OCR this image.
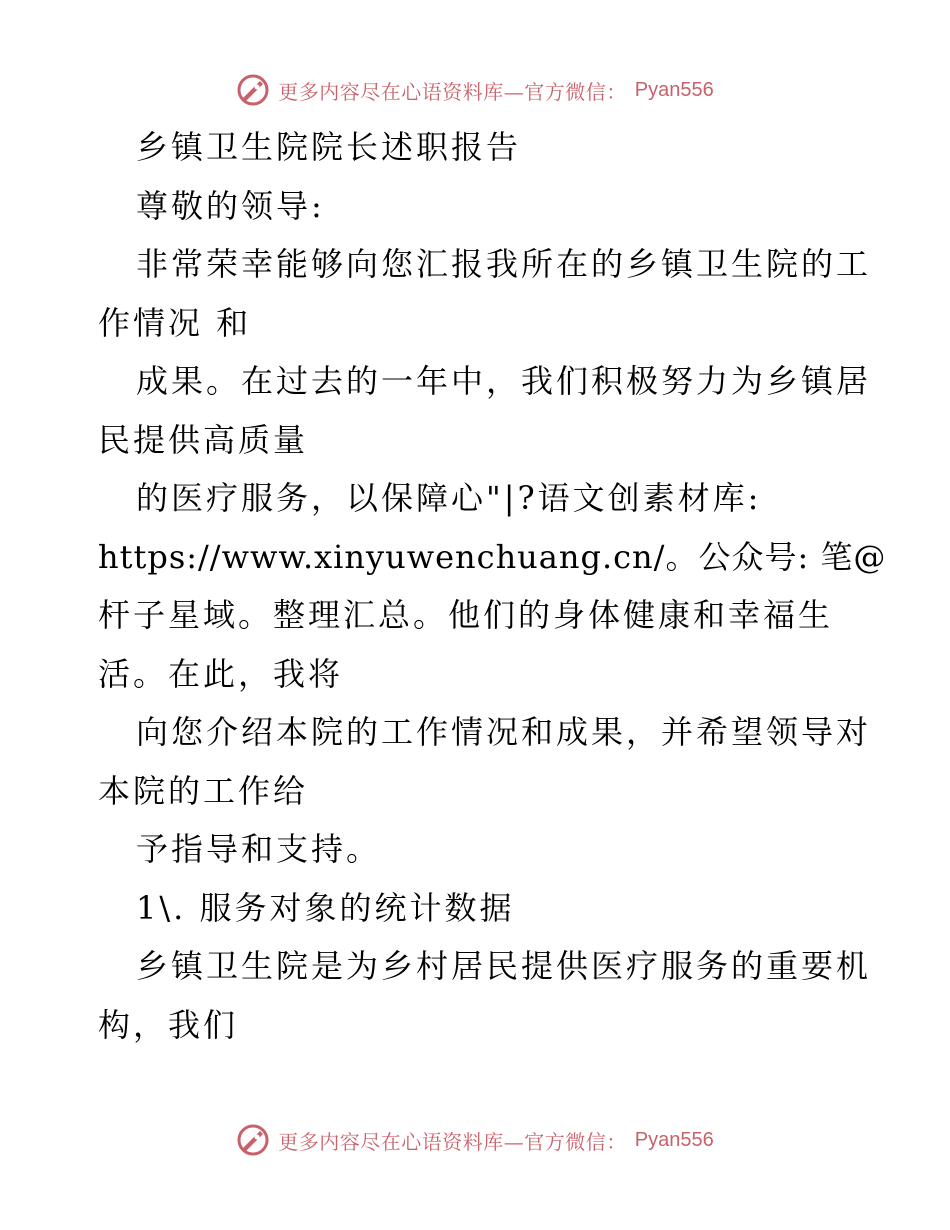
更多内容尽在心语资料库—官方微信： Pyan556
乡镇卫生院院长述职报告
尊敬的领导:
非常荣幸能够向您汇报我所在的乡镇卫生院的工
作情况 和
成果。在过去的一年中，我们积极努力为乡镇居
民提供高质量
的医疗服务，以保障心"|?语文创素材库:
https://www.xinyuwenchuang.cn/。公众号: 笔@
杆子星域。整理汇总。他们的身体健康和幸福生
活。在此，我将
向您介绍本院的工作情况和成果，并希望领导对
本院的工作给
予指导和支持。
1\. 服务对象的统计数据
乡镇卫生院是为乡村居民提供医疗服务的重要机
构，我们
更多内容尽在心语资料库—官方微信： Pyan556
